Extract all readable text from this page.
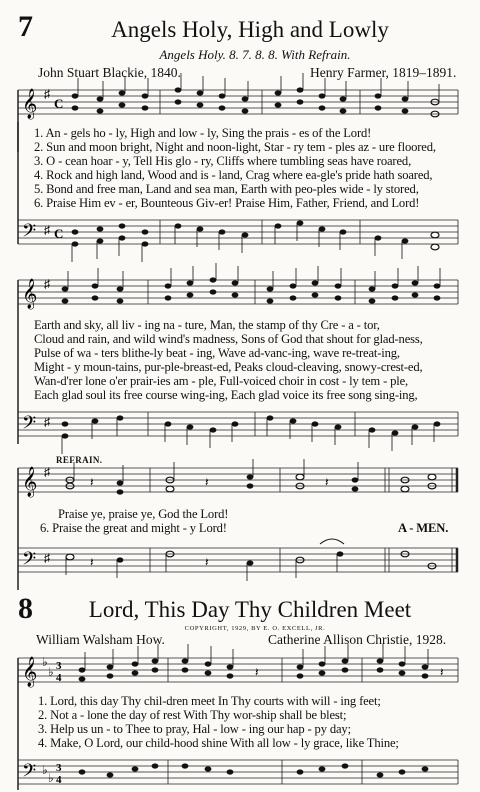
7	Angels Holy, High and Lowly
Angels Holy. 8. 7. 8. 8. With Refrain.
John Stuart Blackie, 1840.	Henry Farmer, 1819–1891.
𝄞 ♯
C
1. An - gels ho - ly, High and low - ly, Sing the prais - es of the Lord!
2. Sun and moon bright, Night and noon-light, Star - ry tem - ples az - ure floored,
3. O - cean hoar - y, Tell His glo - ry, Cliffs where tumbling seas have roared,
4. Rock and high land, Wood and is - land, Crag where ea-gle's pride hath soared,
5. Bond and free man, Land and sea man, Earth with peo-ples wide - ly stored,
6. Praise Him ev - er, Bounteous Giv-er! Praise Him, Father, Friend, and Lord!
𝄢 ♯ C
𝄞 ♯
Earth and sky, all liv - ing na - ture, Man, the stamp of thy Cre - a - tor,
Cloud and rain, and wild wind's madness, Sons of God that shout for glad-ness,
Pulse of wa - ters blithe-ly beat - ing, Wave ad-vanc-ing, wave re-treat-ing,
Might - y moun-tains, pur-ple-breast-ed, Peaks cloud-cleaving, snowy-crest-ed,
Wan-d'rer lone o'er prair-ies am - ple, Full-voiced choir in cost - ly tem - ple,
Each glad soul its free course wing-ing, Each glad voice its free song sing-ing,
𝄢 ♯
REFRAIN.
𝄞 ♯
𝄽	𝄽	𝄽
Praise ye, praise ye, God the Lord!
6. Praise the great and might - y Lord!	A - MEN.
𝄢 ♯	𝄽	𝄽
8	Lord, This Day Thy Children Meet
COPYRIGHT, 1929, BY E. O. EXCELL, JR.
William Walsham How.	Catherine Allison Christie, 1928.
𝄞 ♭
♭ 3
4	𝄽	𝄽
1. Lord, this day Thy chil-dren meet In Thy courts with will - ing feet;
2. Not a - lone the day of rest With Thy wor-ship shall be blest;
3. Help us un - to Thee to pray, Hal - low - ing our hap - py day;
4. Make, O Lord, our child-hood shine With all low - ly grace, like Thine;
𝄢 ♭
♭
3
4
